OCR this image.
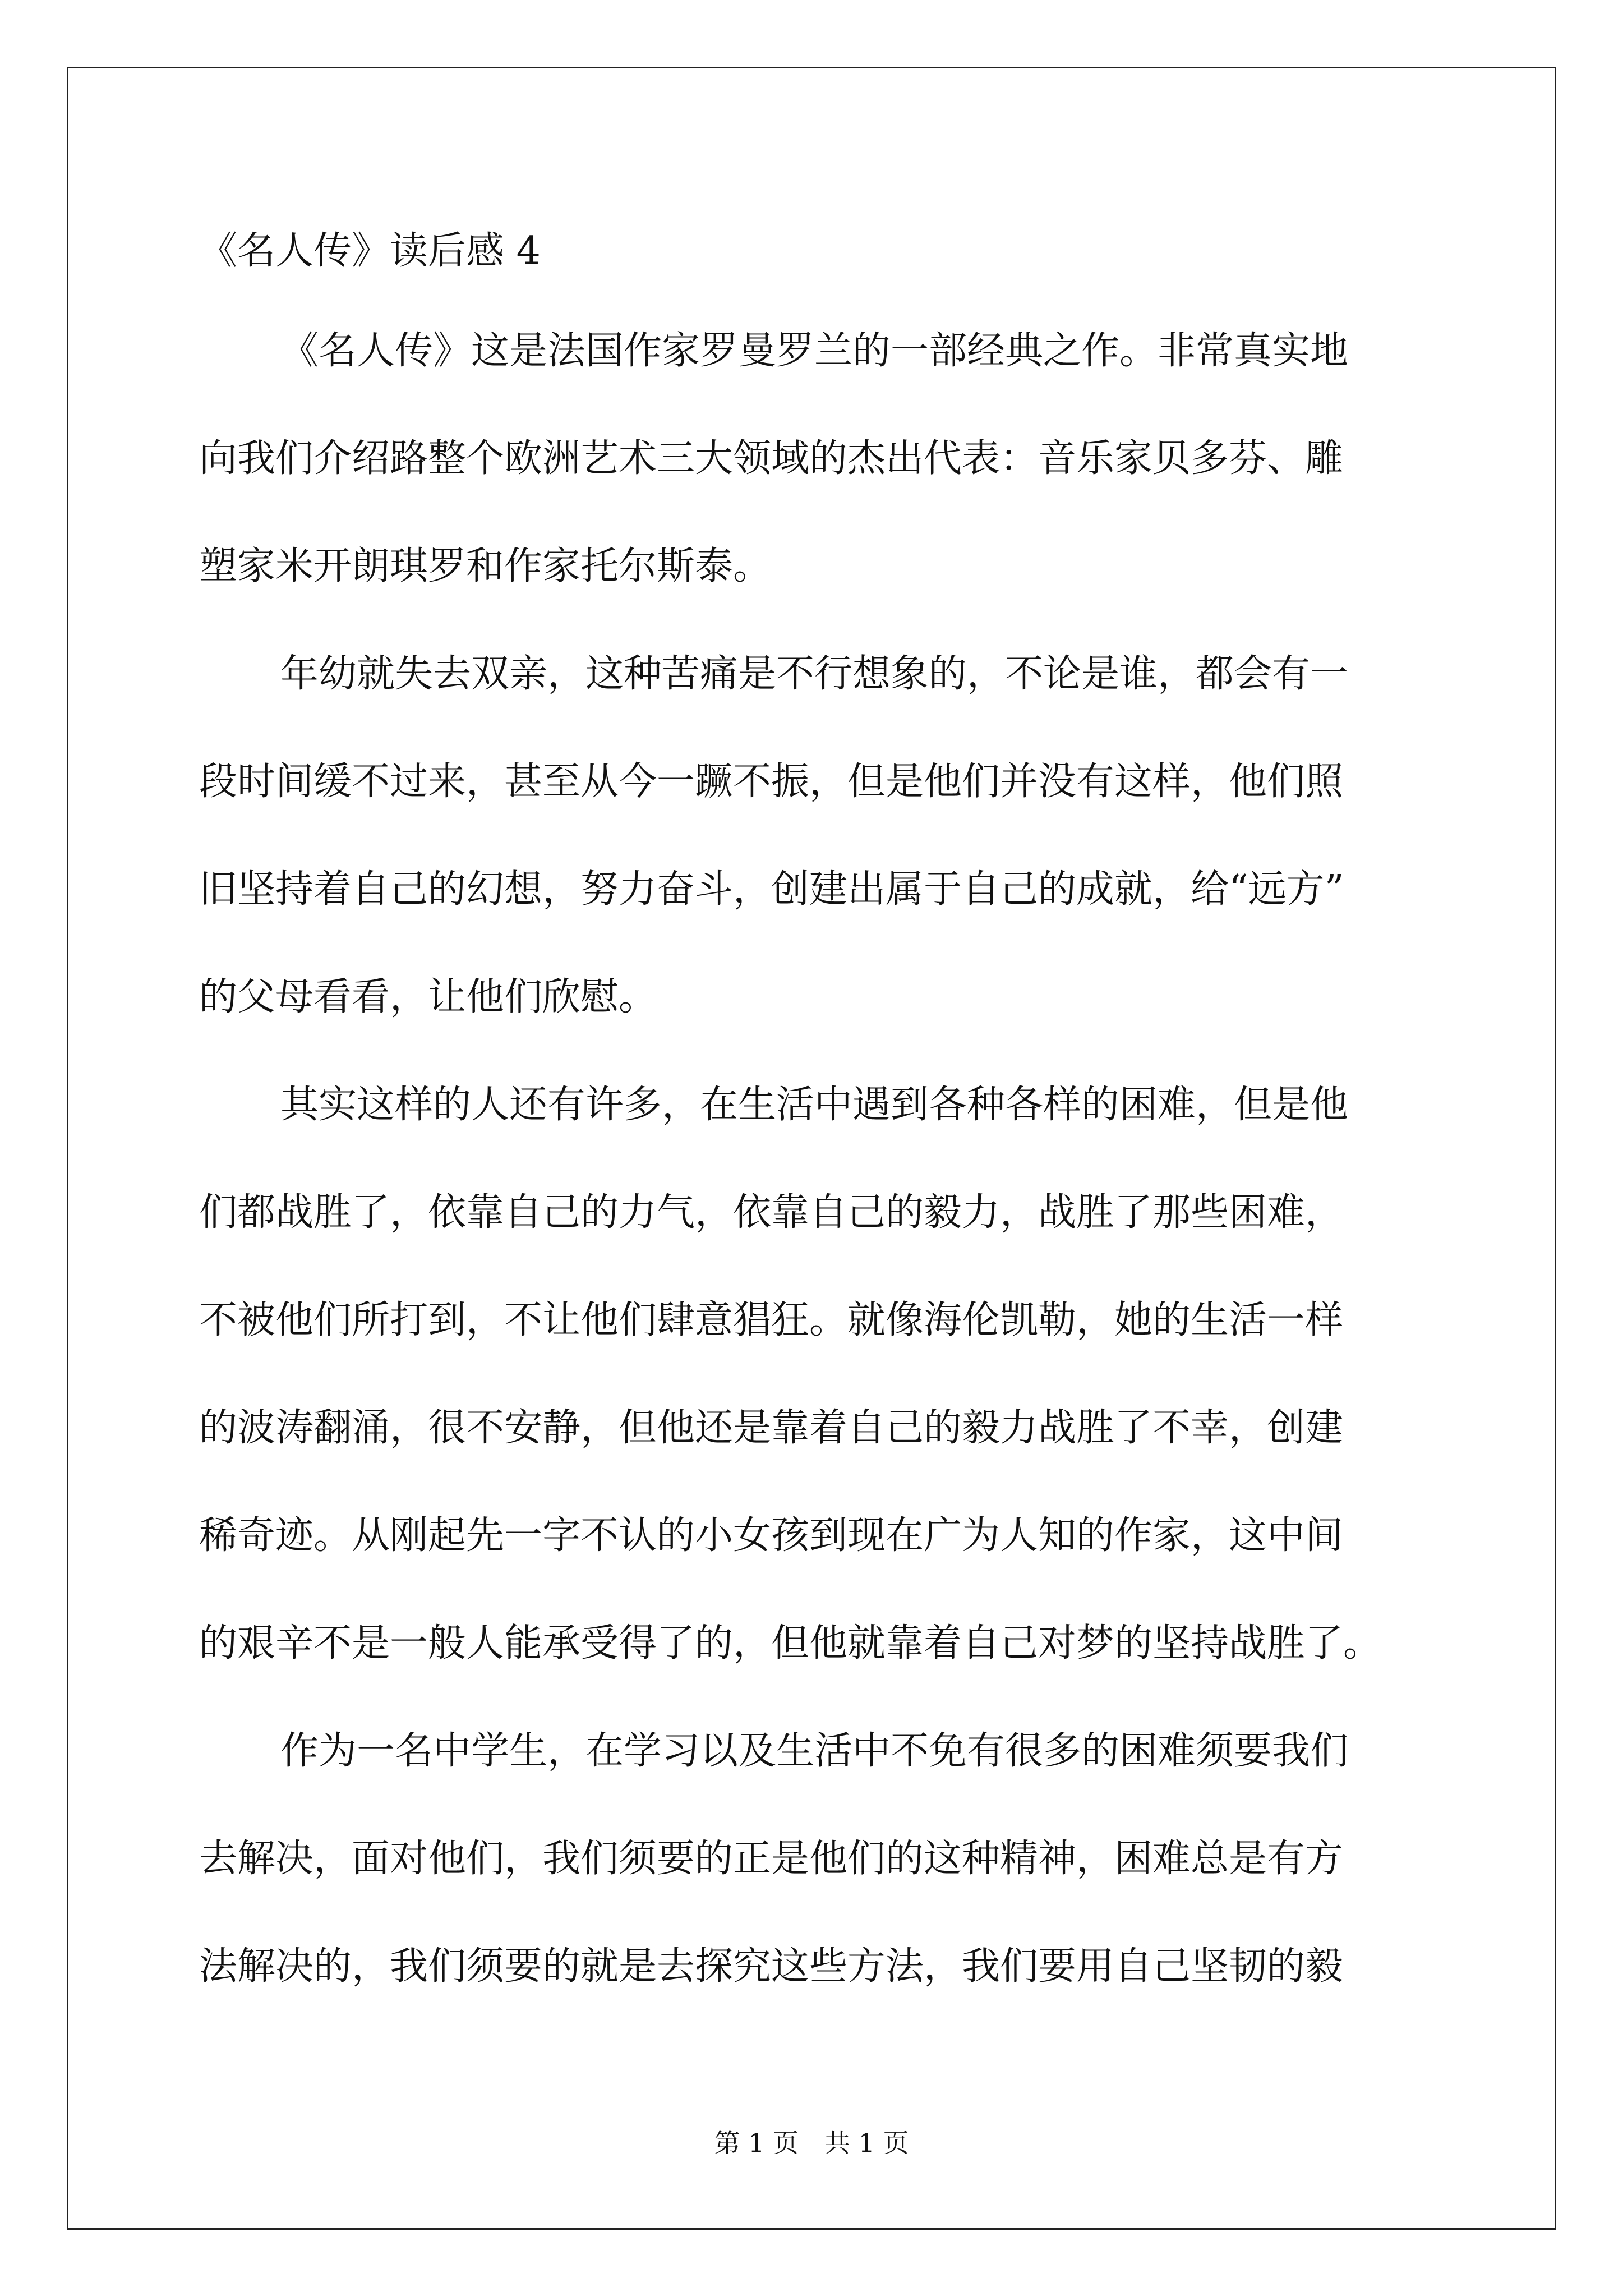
《名人传》读后感 4

《名人传》这是法国作家罗曼罗兰的一部经典之作。非常真实地
向我们介绍路整个欧洲艺术三大领域的杰出代表：音乐家贝多芬、雕
塑家米开朗琪罗和作家托尔斯泰。

年幼就失去双亲，这种苦痛是不行想象的，不论是谁，都会有一
段时间缓不过来，甚至从今一蹶不振，但是他们并没有这样，他们照
旧坚持着自己的幻想，努力奋斗，创建出属于自己的成就，给“远方”
的父母看看，让他们欣慰。

其实这样的人还有许多，在生活中遇到各种各样的困难，但是他
们都战胜了，依靠自己的力气，依靠自己的毅力，战胜了那些困难，
不被他们所打到，不让他们肆意猖狂。就像海伦凯勒，她的生活一样
的波涛翻涌，很不安静，但他还是靠着自己的毅力战胜了不幸，创建
稀奇迹。从刚起先一字不认的小女孩到现在广为人知的作家，这中间
的艰辛不是一般人能承受得了的，但他就靠着自己对梦的坚持战胜了。

作为一名中学生，在学习以及生活中不免有很多的困难须要我们
去解决，面对他们，我们须要的正是他们的这种精神，困难总是有方
法解决的，我们须要的就是去探究这些方法，我们要用自己坚韧的毅

第 1 页 共 1 页
